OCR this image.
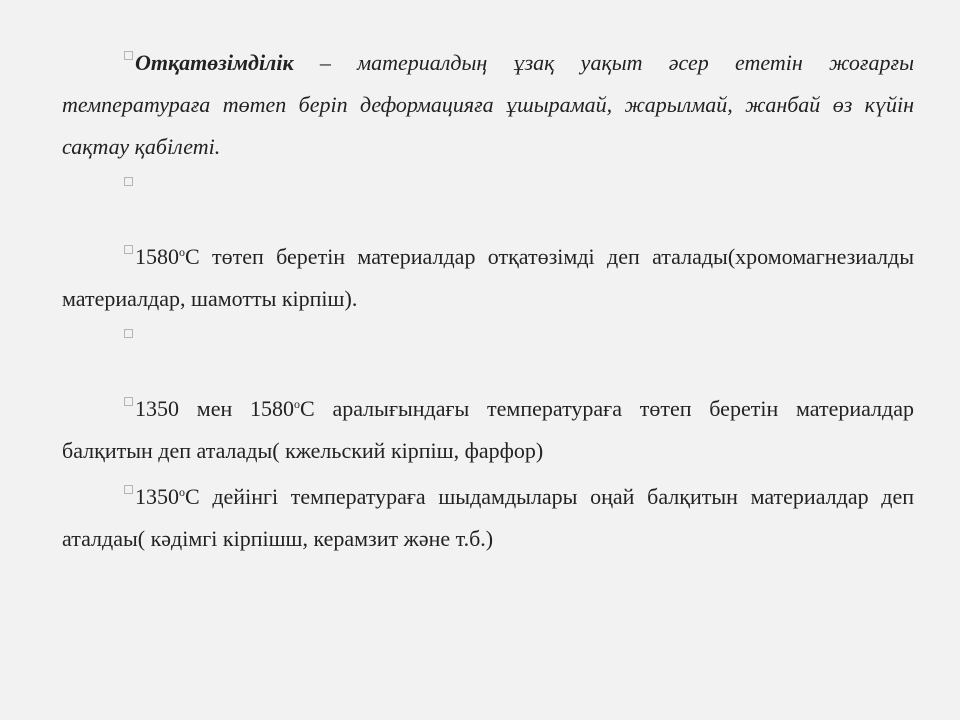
Отқатөзімділік – материалдың ұзақ уақыт әсер ететін жоғарғы температураға төтеп беріп деформацияға ұшырамай, жарылмай, жанбай өз күйін сақтау қабілеті.

1580$^o$С төтеп беретін материалдар отқатөзімді деп аталады(хромомагнезиалды материалдар, шамотты кірпіш).

1350 мен 1580$^o$С аралығындағы температураға төтеп беретін материалдар балқитын деп аталады( кжельский кірпіш, фарфор)

1350$^o$С дейінгі температураға шыдамдылары оңай балқитын материалдар деп аталдаы( кәдімгі кірпішш, керамзит және т.б.)
